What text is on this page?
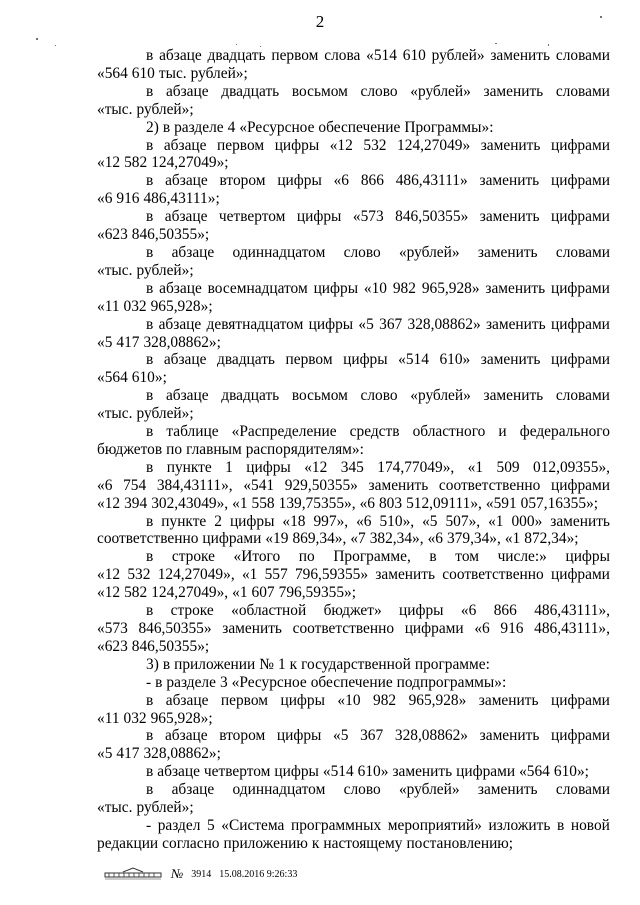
2
в абзаце двадцать первом слова «514 610 рублей» заменить словами
«564 610 тыс. рублей»;
в абзаце двадцать восьмом слово «рублей» заменить словами
«тыс. рублей»;
2) в разделе 4 «Ресурсное обеспечение Программы»:
в абзаце первом цифры «12 532 124,27049» заменить цифрами
«12 582 124,27049»;
в абзаце втором цифры «6 866 486,43111» заменить цифрами
«6 916 486,43111»;
в абзаце четвертом цифры «573 846,50355» заменить цифрами
«623 846,50355»;
в абзаце одиннадцатом слово «рублей» заменить словами
«тыс. рублей»;
в абзаце восемнадцатом цифры «10 982 965,928» заменить цифрами
«11 032 965,928»;
в абзаце девятнадцатом цифры «5 367 328,08862» заменить цифрами
«5 417 328,08862»;
в абзаце двадцать первом цифры «514 610» заменить цифрами
«564 610»;
в абзаце двадцать восьмом слово «рублей» заменить словами
«тыс. рублей»;
в таблице «Распределение средств областного и федерального
бюджетов по главным распорядителям»:
в пункте 1 цифры «12 345 174,77049», «1 509 012,09355»,
«6 754 384,43111», «541 929,50355» заменить соответственно цифрами
«12 394 302,43049», «1 558 139,75355», «6 803 512,09111», «591 057,16355»;
в пункте 2 цифры «18 997», «6 510», «5 507», «1 000» заменить
соответственно цифрами «19 869,34», «7 382,34», «6 379,34», «1 872,34»;
в строке «Итого по Программе, в том числе:» цифры
«12 532 124,27049», «1 557 796,59355» заменить соответственно цифрами
«12 582 124,27049», «1 607 796,59355»;
в строке «областной бюджет» цифры «6 866 486,43111»,
«573 846,50355» заменить соответственно цифрами «6 916 486,43111»,
«623 846,50355»;
3) в приложении № 1 к государственной программе:
- в разделе 3 «Ресурсное обеспечение подпрограммы»:
в абзаце первом цифры «10 982 965,928» заменить цифрами
«11 032 965,928»;
в абзаце втором цифры «5 367 328,08862» заменить цифрами
«5 417 328,08862»;
в абзаце четвертом цифры «514 610» заменить цифрами «564 610»;
в абзаце одиннадцатом слово «рублей» заменить словами
«тыс. рублей»;
- раздел 5 «Система программных мероприятий» изложить в новой
редакции согласно приложению к настоящему постановлению;
№ 3914 15.08.2016 9:26:33
